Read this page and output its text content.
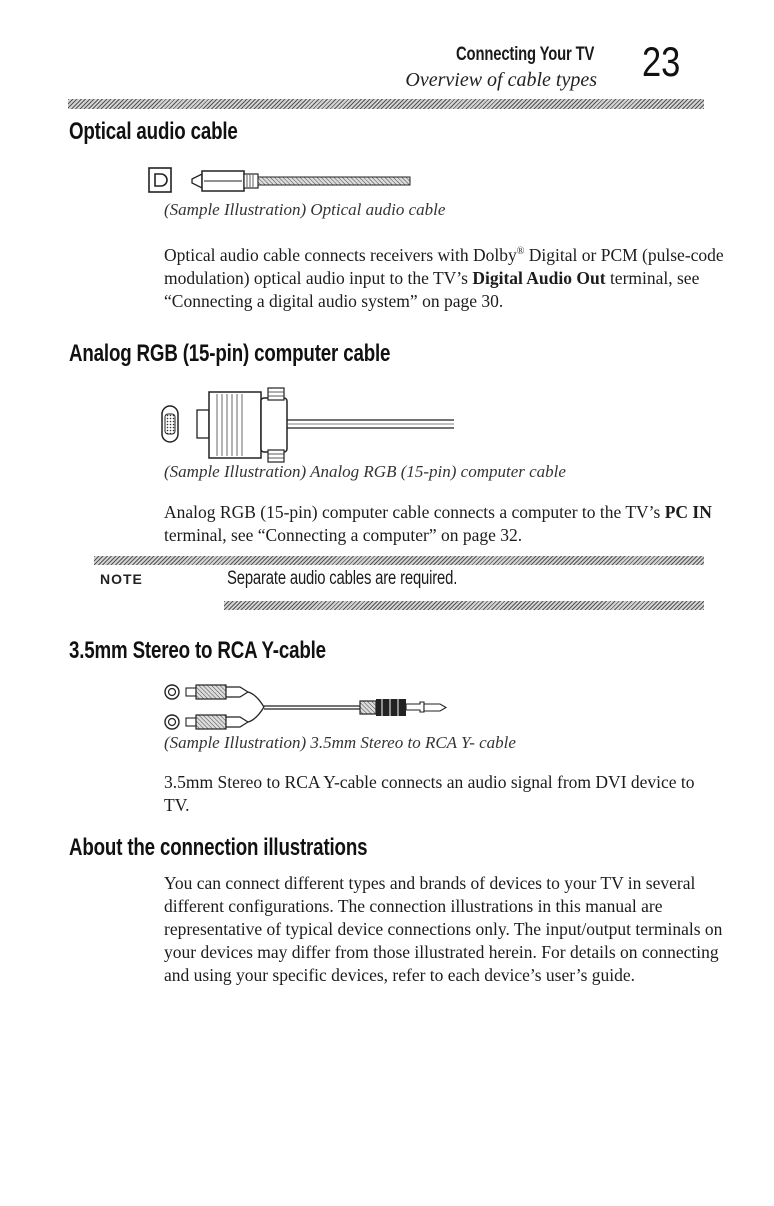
Connecting Your TV
Overview of cable types 23
Optical audio cable
(Sample Illustration) Optical audio cable
Optical audio cable connects receivers with Dolby® Digital or PCM (pulse-code modulation) optical audio input to the TV’s Digital Audio Out terminal, see “Connecting a digital audio system” on page 30.
Analog RGB (15-pin) computer cable
(Sample Illustration) Analog RGB (15-pin) computer cable
Analog RGB (15-pin) computer cable connects a computer to the TV’s PC IN terminal, see “Connecting a computer” on page 32.
NOTE	Separate audio cables are required.
3.5mm Stereo to RCA Y-cable
(Sample Illustration) 3.5mm Stereo to RCA Y- cable
3.5mm Stereo to RCA Y-cable connects an audio signal from DVI device to TV.
About the connection illustrations
You can connect different types and brands of devices to your TV in several different configurations. The connection illustrations in this manual are representative of typical device connections only. The input/output terminals on your devices may differ from those illustrated herein. For details on connecting and using your specific devices, refer to each device’s user’s guide.
